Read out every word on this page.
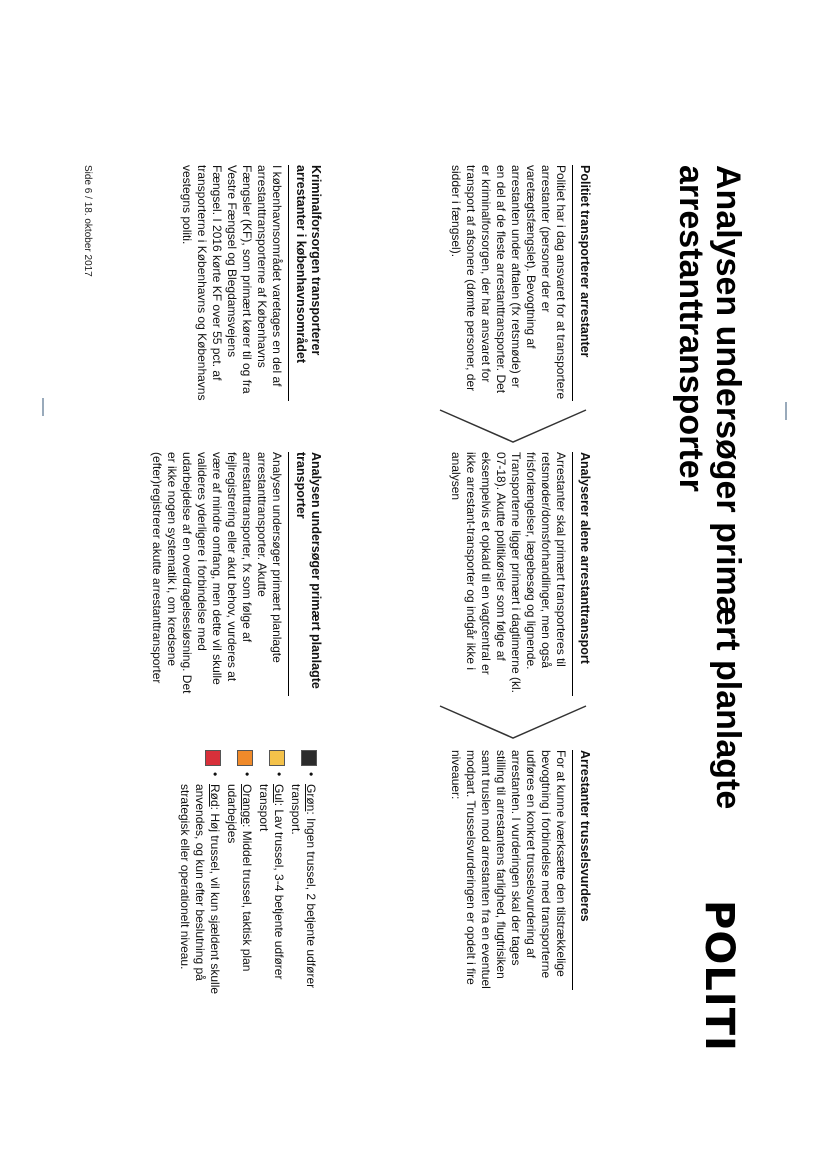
Analysen undersøger primært planlagte arrestanttransporter
POLITI
Politiet transporterer arrestanter

Politiet har i dag ansvaret for at transportere arrestanter (personer der er varetægtsfængslet). Bevogtning af arrestanten under aftalen (fx retsmøde) er en del af de fleste arrestanttransporter. Det er kriminalforsorgen, der har ansvaret for transport af afsonere (dømte personer, der sidder i fængsel).

Kriminalforsorgen transporterer arrestanter i københavnsområdet

I københavnsområdet varetages en del af arrestanttransporterne af Københavns Fængsler (KF), som primært kører til og fra Vestre Fængsel og Blegdamsvejens Fængsel. I 2016 kørte KF over 55 pct. af transporterne i Københavns og Københavns vestegns politi.

Analyserer alene arrestanttransport

Arrestanter skal primært transporteres til retsmøder/domsforhandlinger, men også frisforlængelser, lægebesøg og lignende. Transporterne ligger primært i dagtimerne (kl. 07-18). Akutte politikørsler som følge af eksempelvis et opkald til en vagtcentral er ikke arrestant-transporter og indgår ikke i analysen

Analysen undersøger primært planlagte transporter

Analysen undersøger primært planlagte arrestanttransporter. Akutte arrestanttransporter, fx som følge af fejlregistrering eller akut behov, vurderes at være af mindre omfang, men dette vil skulle valideres yderligere i forbindelse med udarbejdelse af en overdragelsesløsning. Det er ikke nogen systematik i, om kredsene (efter)registrerer akutte arrestanttransporter

Arrestanter trusselsvurderes

For at kunne iværksætte den tilstrækkelige bevogtning i forbindelse med transporterne udføres en konkret trusselsvurdering af arrestanten. I vurderingen skal der tages stilling til arrestantens farlighed, flugtrisiken samt truslen mod arrestanten fra en eventuel modpart. Trusselsvurderingen er opdelt i fire niveauer:

•
Grøn: Ingen trussel, 2 betjente udfører transport.
•
Gul: Lav trussel, 3-4 betjente udfører transport
•
Orange: Middel trussel, taktisk plan udarbejdes
•
Rød: Høj trussel, vil kun sjældent skulle anvendes, og kun efter beslutning på strategisk eller operationelt niveau.
Side 6 / 18. oktober 2017
